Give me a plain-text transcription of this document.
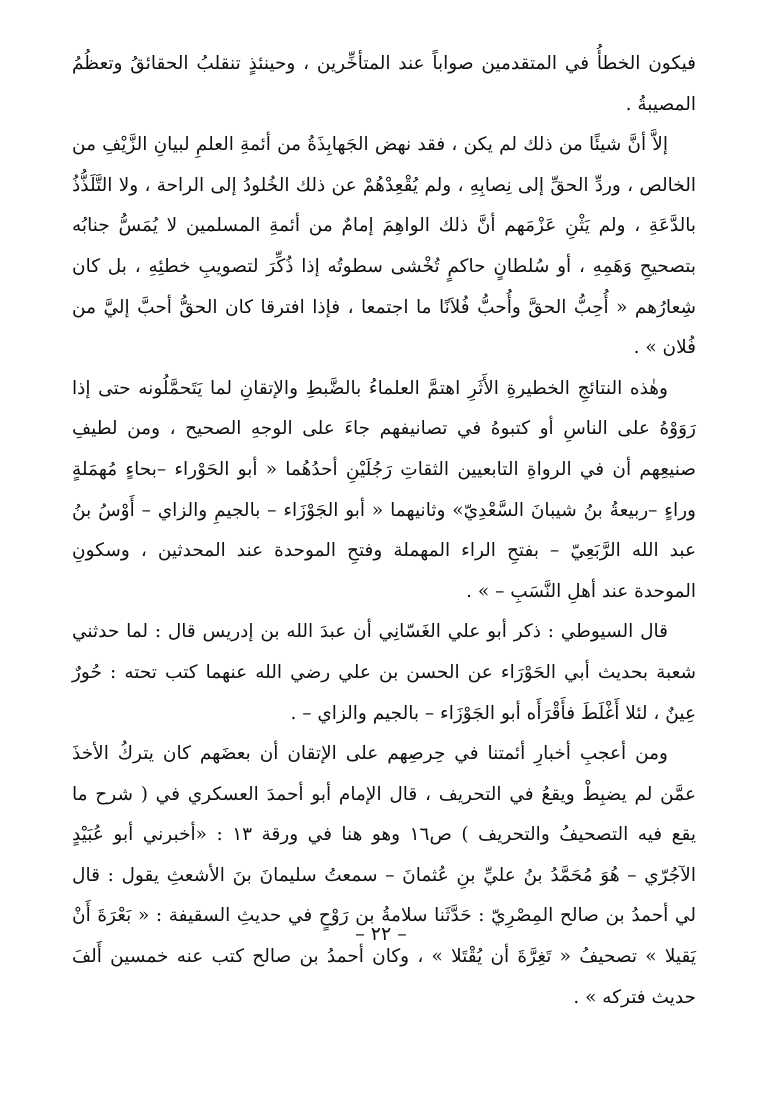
فيكون الخطأُ في المتقدمين صواباً عند المتأخِّرين ، وحينئذٍ تنقلبُ الحقائقُ وتعظُمُ المصيبةُ .

إلاَّ أنَّ شيئًا من ذلك لم يكن ، فقد نهض الجَهابِذَةُ من أئمةِ العلمِ لبيانِ الزَّيْفِ من الخالص ، وردِّ الحقِّ إلى نِصابِهِ ، ولم يُقْعِدْهُمْ عن ذلك الخُلودُ إلى الراحة ، ولا التَّلَذُّذُ بالدَّعَةِ ، ولم يَثْنِ عَزْمَهم أنَّ ذلك الواهِمَ إمامٌ من أئمةِ المسلمين لا يُمَسُّ جنابُه بتصحيحِ وَهَمِهِ ، أو سُلطانٍ حاكمٍ تُخْشى سطوتُه إذا ذُكِّرَ لتصويبِ خطئِهِ ، بل كان شِعارُهم « أُحِبُّ الحقَّ وأُحبُّ فُلاَنًا ما اجتمعا ، فإذا افترقا كان الحقُّ أحبَّ إليَّ من فُلان » .

وهٰذه النتائجِ الخطيرةِ الأَثَرِ اهتمَّ العلماءُ بالضَّبطِ والإتقانِ لما يَتَحمَّلُونه حتى إذا رَوَوْهُ على الناسِ أو كتبوهُ في تصانيفهم جاءَ على الوجهِ الصحيح ، ومن لطيفِ صنيعِهم أن في الرواةِ التابعيين الثقاتِ رَجُلَيْنِ أحدُهُما « أبو الحَوْراء –بحاءٍ مُهمَلةٍ وراءٍ –ربيعةُ بنُ شيبانَ السَّعْدِيّ» وثانيهما « أبو الجَوْزَاء – بالجيمِ والزاي – أَوْسُ بنُ عبد الله الرَّبَعِيّ – بفتحِ الراء المهملة وفتحِ الموحدة عند المحدثين ، وسكونِ الموحدة عند أهلِ النَّسَبِ – » .

قال السيوطي : ذكر أبو علي الغَسّانِي أن عبدَ الله بن إدريس قال : لما حدثني شعبة بحديث أبي الحَوْرَاء عن الحسن بن علي رضي الله عنهما كتب تحته : حُورٌ عِينٌ ، لئلا أَغْلَطَ فأَقْرَأَه أبو الجَوْزَاء – بالجيم والزاي – .

ومن أعجبِ أخبارِ أئمتنا في حِرصِهم على الإتقان أن بعضَهم كان يتركُ الأخذَ عمَّن لم يضبِطْ ويقعُ في التحريف ، قال الإمام أبو أحمدَ العسكري في ( شرح ما يقع فيه التصحيفُ والتحريف ) ص١٦ وهو هنا في ورقة ١٣ : «أخبرني أبو عُبَيْدٍ الآجُرّي – هُوَ مُحَمَّدُ بنُ عليِّ بنِ عُثمانَ – سمعتُ سليمانَ بنَ الأشعثِ يقول : قال لي أحمدُ بن صالح المِصْرِيّ : حَدَّثَنا سلامةُ بن رَوْحٍ في حديثِ السقيفة : « بَعْرَةَ أَنْ يَقيلا » تصحيفُ « تَغِرَّةَ أن يُقْتَلا » ، وكان أحمدُ بن صالح كتب عنه خمسين أَلفَ حديث فتركه » .

– ٢٢ –
